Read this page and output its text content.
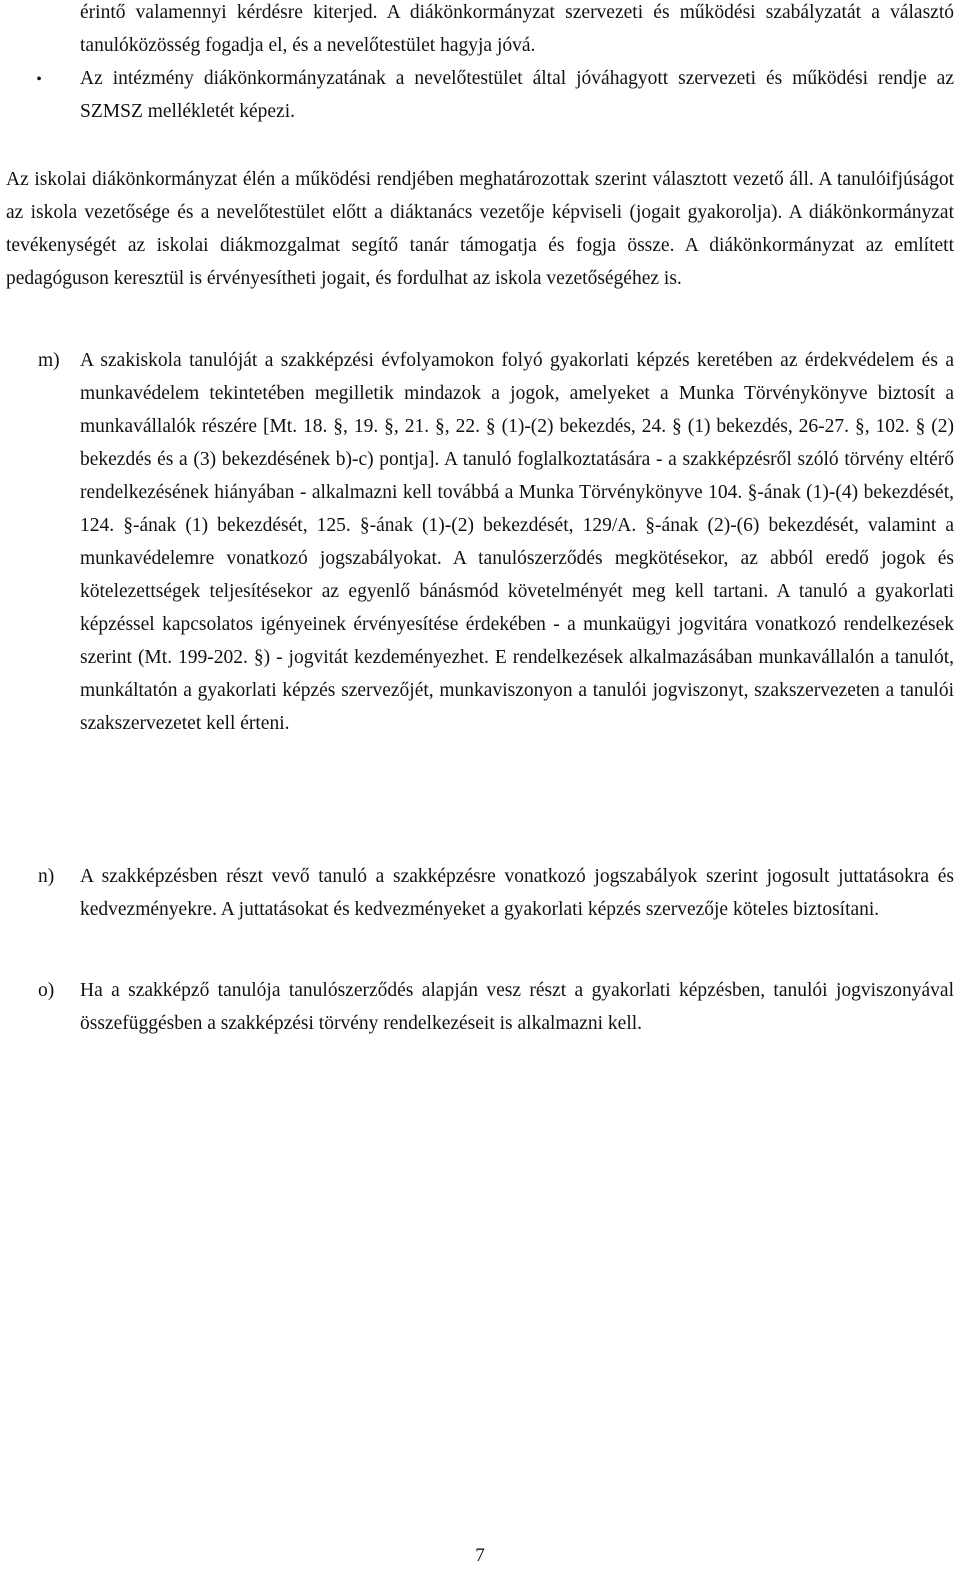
érintő valamennyi kérdésre kiterjed. A diákönkormányzat szervezeti és működési szabályzatát a választó tanulóközösség fogadja el, és a nevelőtestület hagyja jóvá.

•	Az intézmény diákönkormányzatának a nevelőtestület által jóváhagyott szervezeti és működési rendje az SZMSZ mellékletét képezi.

Az iskolai diákönkormányzat élén a működési rendjében meghatározottak szerint választott vezető áll. A tanulóifjúságot az iskola vezetősége és a nevelőtestület előtt a diáktanács vezetője képviseli (jogait gyakorolja). A diákönkormányzat tevékenységét az iskolai diákmozgalmat segítő tanár támogatja és fogja össze. A diákönkormányzat az említett pedagóguson keresztül is érvényesítheti jogait, és fordulhat az iskola vezetőségéhez is.

m) A szakiskola tanulóját a szakképzési évfolyamokon folyó gyakorlati képzés keretében az érdekvédelem és a munkavédelem tekintetében megilletik mindazok a jogok, amelyeket a Munka Törvénykönyve biztosít a munkavállalók részére [Mt. 18. §, 19. §, 21. §, 22. § (1)-(2) bekezdés, 24. § (1) bekezdés, 26-27. §, 102. § (2) bekezdés és a (3) bekezdésének b)-c) pontja]. A tanuló foglalkoztatására - a szakképzésről szóló törvény eltérő rendelkezésének hiányában - alkalmazni kell továbbá a Munka Törvénykönyve 104. §-ának (1)-(4) bekezdését, 124. §-ának (1) bekezdését, 125. §-ának (1)-(2) bekezdését, 129/A. §-ának (2)-(6) bekezdését, valamint a munkavédelemre vonatkozó jogszabályokat. A tanulószerződés megkötésekor, az abból eredő jogok és kötelezettségek teljesítésekor az egyenlő bánásmód követelményét meg kell tartani. A tanuló a gyakorlati képzéssel kapcsolatos igényeinek érvényesítése érdekében - a munkaügyi jogvitára vonatkozó rendelkezések szerint (Mt. 199-202. §) - jogvitát kezdeményezhet. E rendelkezések alkalmazásában munkavállalón a tanulót, munkáltatón a gyakorlati képzés szervezőjét, munkaviszonyon a tanulói jogviszonyt, szakszervezeten a tanulói szakszervezetet kell érteni.

n) A szakképzésben részt vevő tanuló a szakképzésre vonatkozó jogszabályok szerint jogosult juttatásokra és kedvezményekre. A juttatásokat és kedvezményeket a gyakorlati képzés szervezője köteles biztosítani.

o) Ha a szakképző tanulója tanulószerződés alapján vesz részt a gyakorlati képzésben, tanulói jogviszonyával összefüggésben a szakképzési törvény rendelkezéseit is alkalmazni kell.

7
